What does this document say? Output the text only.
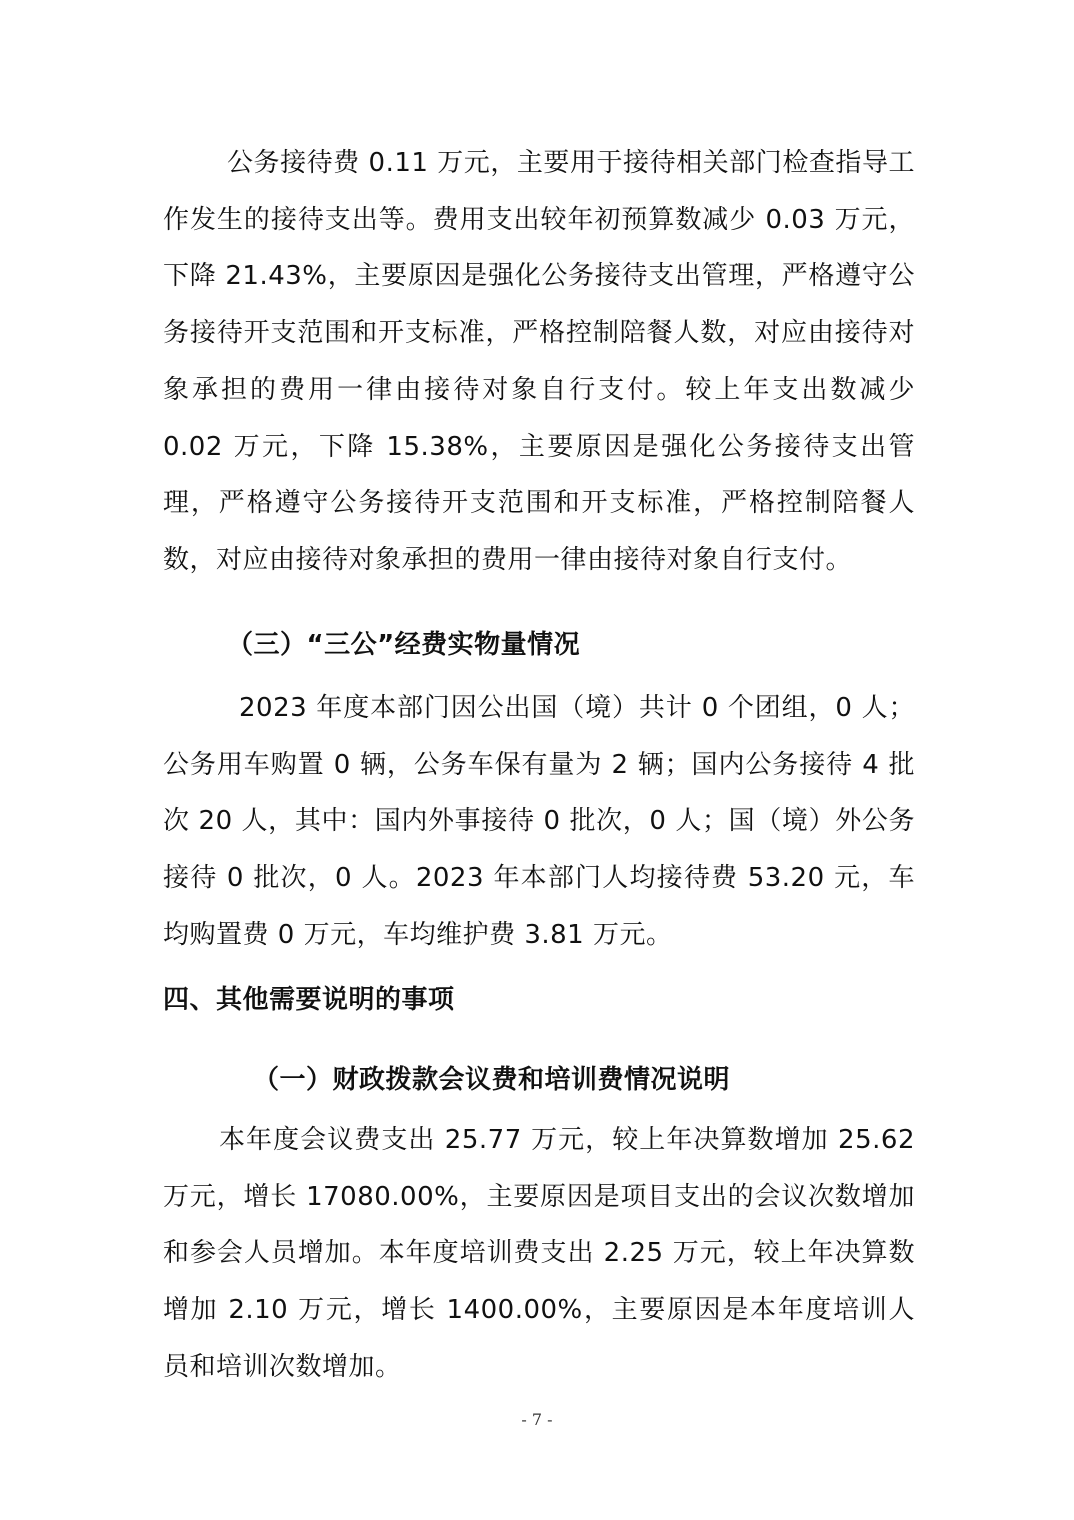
公务接待费 0.11 万元，主要用于接待相关部门检查指导工作发生的接待支出等。费用支出较年初预算数减少 0.03 万元，下降 21.43%，主要原因是强化公务接待支出管理，严格遵守公务接待开支范围和开支标准，严格控制陪餐人数，对应由接待对象承担的费用一律由接待对象自行支付。较上年支出数减少 0.02 万元，下降 15.38%，主要原因是强化公务接待支出管理，严格遵守公务接待开支范围和开支标准，严格控制陪餐人数，对应由接待对象承担的费用一律由接待对象自行支付。

（三）“三公”经费实物量情况

2023 年度本部门因公出国（境）共计 0 个团组，0 人；公务用车购置 0 辆，公务车保有量为 2 辆；国内公务接待 4 批次 20 人，其中：国内外事接待 0 批次，0 人；国（境）外公务接待 0 批次，0 人。2023 年本部门人均接待费 53.20 元，车均购置费 0 万元，车均维护费 3.81 万元。

四、其他需要说明的事项

（一）财政拨款会议费和培训费情况说明

本年度会议费支出 25.77 万元，较上年决算数增加 25.62 万元，增长 17080.00%，主要原因是项目支出的会议次数增加和参会人员增加。本年度培训费支出 2.25 万元，较上年决算数增加 2.10 万元，增长 1400.00%，主要原因是本年度培训人员和培训次数增加。

- 7 -
